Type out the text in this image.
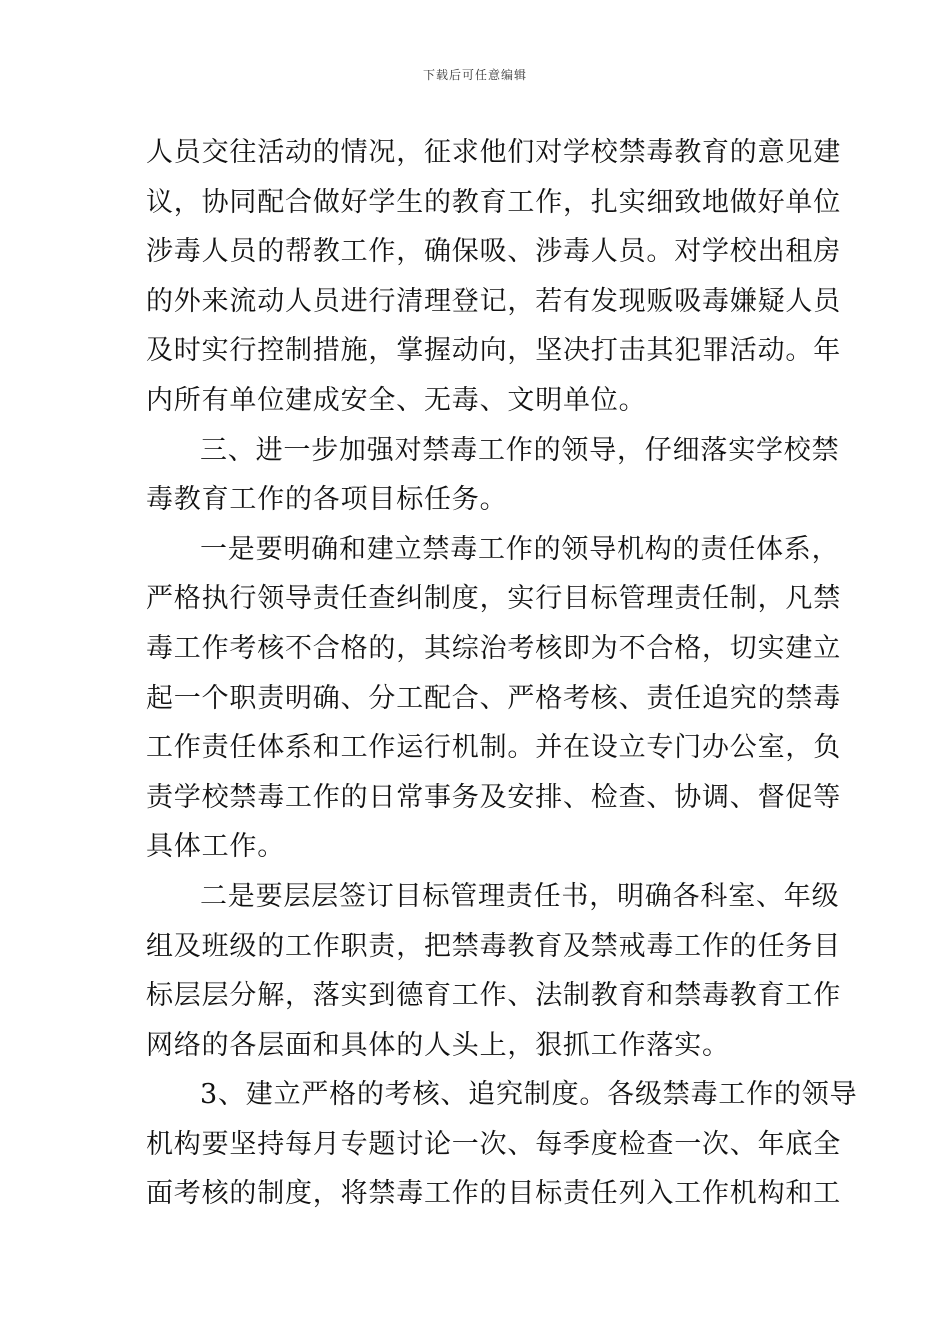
下载后可任意编辑
人员交往活动的情况，征求他们对学校禁毒教育的意见建
议，协同配合做好学生的教育工作，扎实细致地做好单位
涉毒人员的帮教工作，确保吸、涉毒人员。对学校出租房
的外来流动人员进行清理登记，若有发现贩吸毒嫌疑人员
及时实行控制措施，掌握动向，坚决打击其犯罪活动。年
内所有单位建成安全、无毒、文明单位。
三、进一步加强对禁毒工作的领导，仔细落实学校禁
毒教育工作的各项目标任务。
一是要明确和建立禁毒工作的领导机构的责任体系，
严格执行领导责任查纠制度，实行目标管理责任制，凡禁
毒工作考核不合格的，其综治考核即为不合格，切实建立
起一个职责明确、分工配合、严格考核、责任追究的禁毒
工作责任体系和工作运行机制。并在设立专门办公室，负
责学校禁毒工作的日常事务及安排、检查、协调、督促等
具体工作。
二是要层层签订目标管理责任书，明确各科室、年级
组及班级的工作职责，把禁毒教育及禁戒毒工作的任务目
标层层分解，落实到德育工作、法制教育和禁毒教育工作
网络的各层面和具体的人头上，狠抓工作落实。
3、建立严格的考核、追究制度。各级禁毒工作的领导
机构要坚持每月专题讨论一次、每季度检查一次、年底全
面考核的制度，将禁毒工作的目标责任列入工作机构和工
